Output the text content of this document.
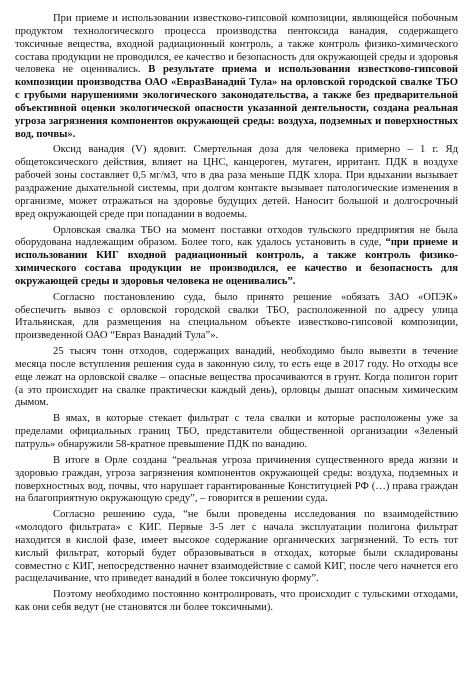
При приеме и использовании известково-гипсовой композиции, являющейся побочным продуктом технологического процесса производства пентоксида ванадия, содержащего токсичные вещества, входной радиационный контроль, а также контроль физико-химического состава продукции не проводился, ее качество и безопасность для окружающей среды и здоровья человека не оценивались. В результате приема и использования известково-гипсовой композиции производства ОАО «ЕвразВанадий Тула» на орловской городской свалке ТБО с грубыми нарушениями экологического законодательства, а также без предварительной объективной оценки экологической опасности указанной деятельности, создана реальная угроза загрязнения компонентов окружающей среды: воздуха, подземных и поверхностных вод, почвы».

Оксид ванадия (V) ядовит. Смертельная доза для человека примерно – 1 г. Яд общетоксического действия, влияет на ЦНС, канцероген, мутаген, ирритант. ПДК в воздухе рабочей зоны составляет 0,5 мг/м3, что в два раза меньше ПДК хлора. При вдыхании вызывает раздражение дыхательной системы, при долгом контакте вызывает патологические изменения в организме, может отражаться на здоровье будущих детей. Наносит большой и долгосрочный вред окружающей среде при попадании в водоемы.

Орловская свалка ТБО на момент поставки отходов тульского предприятия не была оборудована надлежащим образом. Более того, как удалось установить в суде, “при приеме и использовании КИГ входной радиационный контроль, а также контроль физико-химического состава продукции не производился, ее качество и безопасность для окружающей среды и здоровья человека не оценивались”.

Согласно постановлению суда, было принято решение «обязать ЗАО «ОПЭК» обеспечить вывоз с орловской городской свалки ТБО, расположенной по адресу улица Итальянская, для размещения на специальном объекте известково-гипсовой композиции, произведенной ОАО “Евраз Ванадий Тула”».

25 тысяч тонн отходов, содержащих ванадий, необходимо было вывезти в течение месяца после вступления решения суда в законную силу, то есть еще в 2017 году. Но отходы все еще лежат на орловской свалке – опасные вещества просачиваются в грунт. Когда полигон горит (а это происходит на свалке практически каждый день), орловцы дышат опасным химическим дымом.

В ямах, в которые стекает фильтрат с тела свалки и которые расположены уже за пределами официальных границ ТБО, представители общественной организации «Зеленый патруль» обнаружили 58-кратное превышение ПДК по ванадию.

В итоге в Орле создана “реальная угроза причинения существенного вреда жизни и здоровью граждан, угроза загрязнения компонентов окружающей среды: воздуха, подземных и поверхностных вод, почвы, что нарушает гарантированные Конституцией РФ (…) права граждан на благоприятную окружающую среду”, – говорится в решении суда.

Согласно решению суда, “не были проведены исследования по взаимодействию «молодого фильтрата» с КИГ. Первые 3-5 лет с начала эксплуатации полигона фильтрат находится в кислой фазе, имеет высокое содержание органических загрязнений. То есть тот кислый фильтрат, который будет образовываться в отходах, которые были складированы совместно с КИГ, непосредственно начнет взаимодействие с самой КИГ, после чего начнется его расщелачивание, что приведет ванадий в более токсичную форму”.

Поэтому необходимо постоянно контролировать, что происходит с тульскими отходами, как они себя ведут (не становятся ли более токсичными).
